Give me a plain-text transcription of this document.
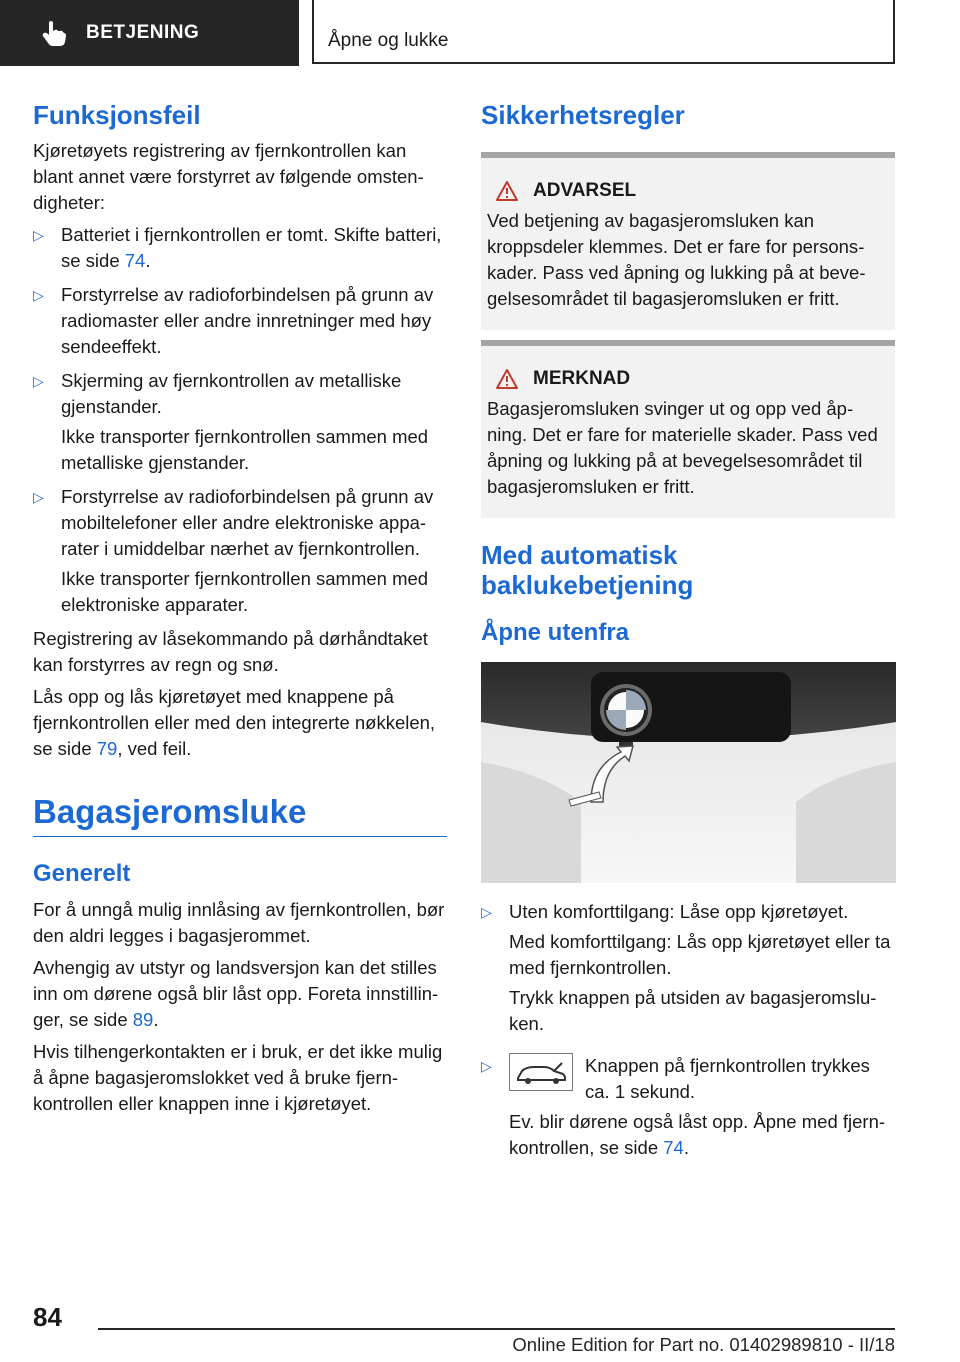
BETJENING	Åpne og lukke
Funksjonsfeil

Kjøretøyets registrering av fjernkontrollen kan blant annet være forstyrret av følgende omstendigheter:

▷ Batteriet i fjernkontrollen er tomt. Skifte batteri, se side 74.
▷ Forstyrrelse av radioforbindelsen på grunn av radiomaster eller andre innretninger med høy sendeeffekt.
▷ Skjerming av fjernkontrollen av metalliske gjenstander.

Ikke transporter fjernkontrollen sammen med metalliske gjenstander.

▷ Forstyrrelse av radioforbindelsen på grunn av mobiltelefoner eller andre elektroniske apparater i umiddelbar nærhet av fjernkontrollen.

Ikke transporter fjernkontrollen sammen med elektroniske apparater.

Registrering av låsekommando på dørhåndtaket kan forstyrres av regn og snø.

Lås opp og lås kjøretøyet med knappene på fjernkontrollen eller med den integrerte nøkkelen, se side 79, ved feil.

Bagasjeromsluke
Generelt

For å unngå mulig innlåsing av fjernkontrollen, bør den aldri legges i bagasjerommet.

Avhengig av utstyr og landsversjon kan det stilles inn om dørene også blir låst opp. Foreta innstillinger, se side 89.

Hvis tilhengerkontakten er i bruk, er det ikke mulig å åpne bagasjeromslokket ved å bruke fjernkontrollen eller knappen inne i kjøretøyet.

Sikkerhetsregler
ADVARSEL
Ved betjening av bagasjeromsluken kan kroppsdeler klemmes. Det er fare for personskader. Pass ved åpning og lukking på at bevegelsesområdet til bagasjeromsluken er fritt.
MERKNAD
Bagasjeromsluken svinger ut og opp ved åpning. Det er fare for materielle skader. Pass ved åpning og lukking på at bevegelsesområdet til bagasjeromsluken er fritt.
Med automatisk baklukebetjening
Åpne utenfra
▷ Uten komforttilgang: Låse opp kjøretøyet.

Med komforttilgang: Lås opp kjøretøyet eller ta med fjernkontrollen.

Trykk knappen på utsiden av bagasjeromsluken.

▷	Knappen på fjernkontrollen trykkes ca. 1 sekund.

Ev. blir dørene også låst opp. Åpne med fjernkontrollen, se side 74.

84
Online Edition for Part no. 01402989810 - II/18
